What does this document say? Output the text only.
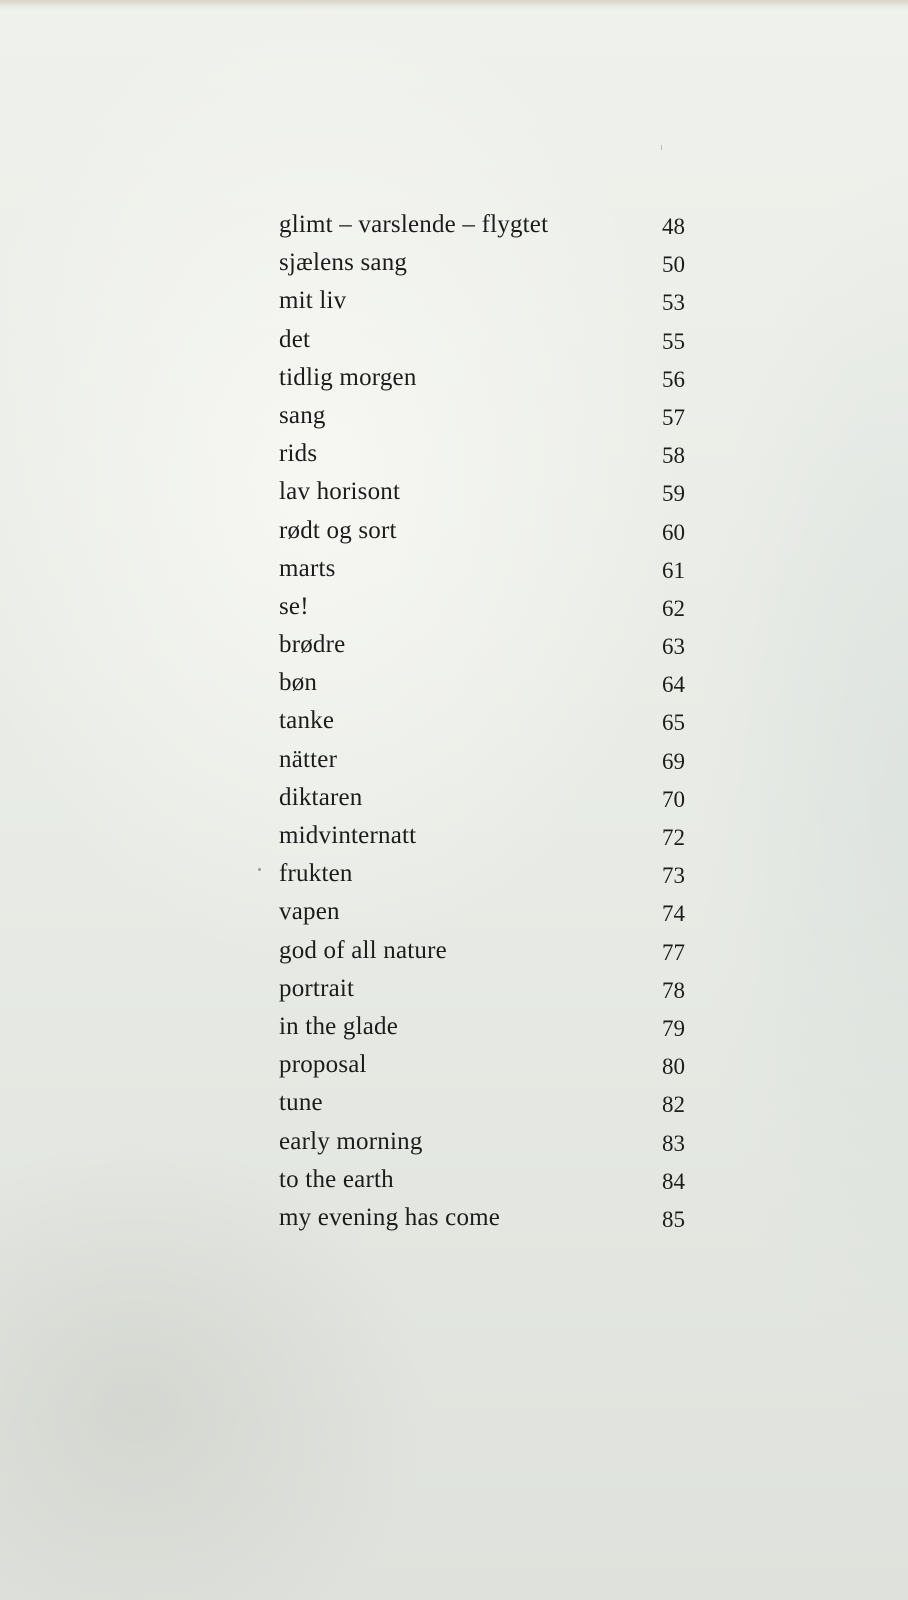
glimt – varslende – flygtet	48
sjælens sang	50
mit liv	53
det	55
tidlig morgen	56
sang	57
rids	58
lav horisont	59
rødt og sort	60
marts	61
se!	62
brødre	63
bøn	64
tanke	65
nätter	69
diktaren	70
midvinternatt	72
frukten	73
vapen	74
god of all nature	77
portrait	78
in the glade	79
proposal	80
tune	82
early morning	83
to the earth	84
my evening has come	85
